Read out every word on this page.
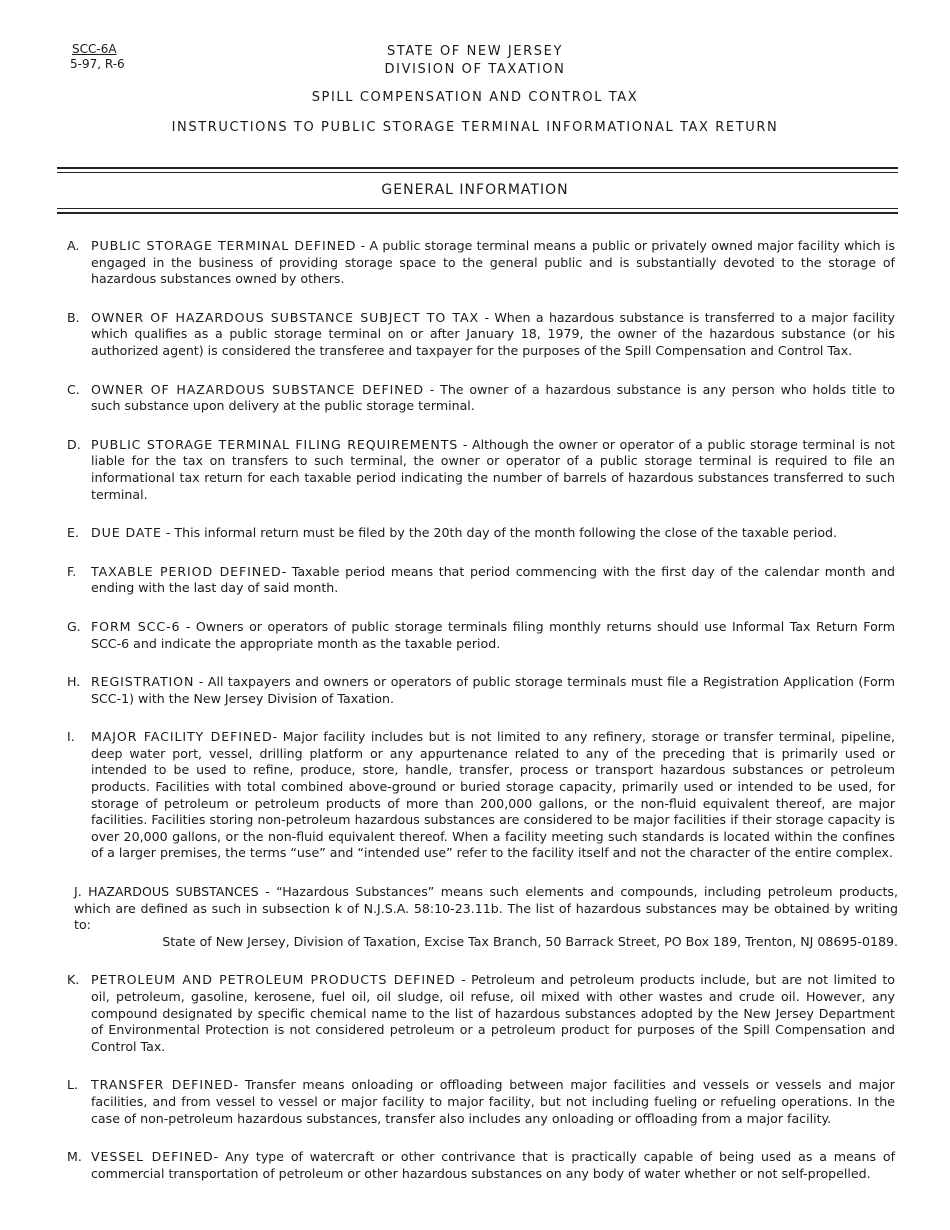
SCC-6A
5-97, R-6
STATE OF NEW JERSEY
DIVISION OF TAXATION
SPILL COMPENSATION AND CONTROL TAX
INSTRUCTIONS TO PUBLIC STORAGE TERMINAL INFORMATIONAL TAX RETURN
GENERAL INFORMATION
A. PUBLIC STORAGE TERMINAL DEFINED - A public storage terminal means a public or privately owned major facility which is engaged in the business of providing storage space to the general public and is substantially devoted to the storage of hazardous substances owned by others.
B. OWNER OF HAZARDOUS SUBSTANCE SUBJECT TO TAX - When a hazardous substance is transferred to a major facility which qualifies as a public storage terminal on or after January 18, 1979, the owner of the hazardous substance (or his authorized agent) is considered the transferee and taxpayer for the purposes of the Spill Compensation and Control Tax.
C. OWNER OF HAZARDOUS SUBSTANCE DEFINED - The owner of a hazardous substance is any person who holds title to such substance upon delivery at the public storage terminal.
D. PUBLIC STORAGE TERMINAL FILING REQUIREMENTS - Although the owner or operator of a public storage terminal is not liable for the tax on transfers to such terminal, the owner or operator of a public storage terminal is required to file an informational tax return for each taxable period indicating the number of barrels of hazardous substances transferred to such terminal.
E. DUE DATE - This informal return must be filed by the 20th day of the month following the close of the taxable period.
F. TAXABLE PERIOD DEFINED- Taxable period means that period commencing with the first day of the calendar month and ending with the last day of said month.
G. FORM SCC-6 - Owners or operators of public storage terminals filing monthly returns should use Informal Tax Return Form SCC-6 and indicate the appropriate month as the taxable period.
H. REGISTRATION - All taxpayers and owners or operators of public storage terminals must file a Registration Application (Form SCC-1) with the New Jersey Division of Taxation.
I. MAJOR FACILITY DEFINED- Major facility includes but is not limited to any refinery, storage or transfer terminal, pipeline, deep water port, vessel, drilling platform or any appurtenance related to any of the preceding that is primarily used or intended to be used to refine, produce, store, handle, transfer, process or transport hazardous substances or petroleum products. Facilities with total combined above-ground or buried storage capacity, primarily used or intended to be used, for storage of petroleum or petroleum products of more than 200,000 gallons, or the non-fluid equivalent thereof, are major facilities. Facilities storing non-petroleum hazardous substances are considered to be major facilities if their storage capacity is over 20,000 gallons, or the non-fluid equivalent thereof. When a facility meeting such standards is located within the confines of a larger premises, the terms “use” and “intended use” refer to the facility itself and not the character of the entire complex.
J. HAZARDOUS SUBSTANCES - “Hazardous Substances” means such elements and compounds, including petroleum products, which are defined as such in subsection k of N.J.S.A. 58:10-23.11b. The list of hazardous substances may be obtained by writing to:
State of New Jersey, Division of Taxation, Excise Tax Branch, 50 Barrack Street, PO Box 189, Trenton, NJ 08695-0189.
K. PETROLEUM AND PETROLEUM PRODUCTS DEFINED - Petroleum and petroleum products include, but are not limited to oil, petroleum, gasoline, kerosene, fuel oil, oil sludge, oil refuse, oil mixed with other wastes and crude oil. However, any compound designated by specific chemical name to the list of hazardous substances adopted by the New Jersey Department of Environmental Protection is not considered petroleum or a petroleum product for purposes of the Spill Compensation and Control Tax.
L. TRANSFER DEFINED- Transfer means onloading or offloading between major facilities and vessels or vessels and major facilities, and from vessel to vessel or major facility to major facility, but not including fueling or refueling operations. In the case of non-petroleum hazardous substances, transfer also includes any onloading or offloading from a major facility.
M. VESSEL DEFINED- Any type of watercraft or other contrivance that is practically capable of being used as a means of commercial transportation of petroleum or other hazardous substances on any body of water whether or not self-propelled.
